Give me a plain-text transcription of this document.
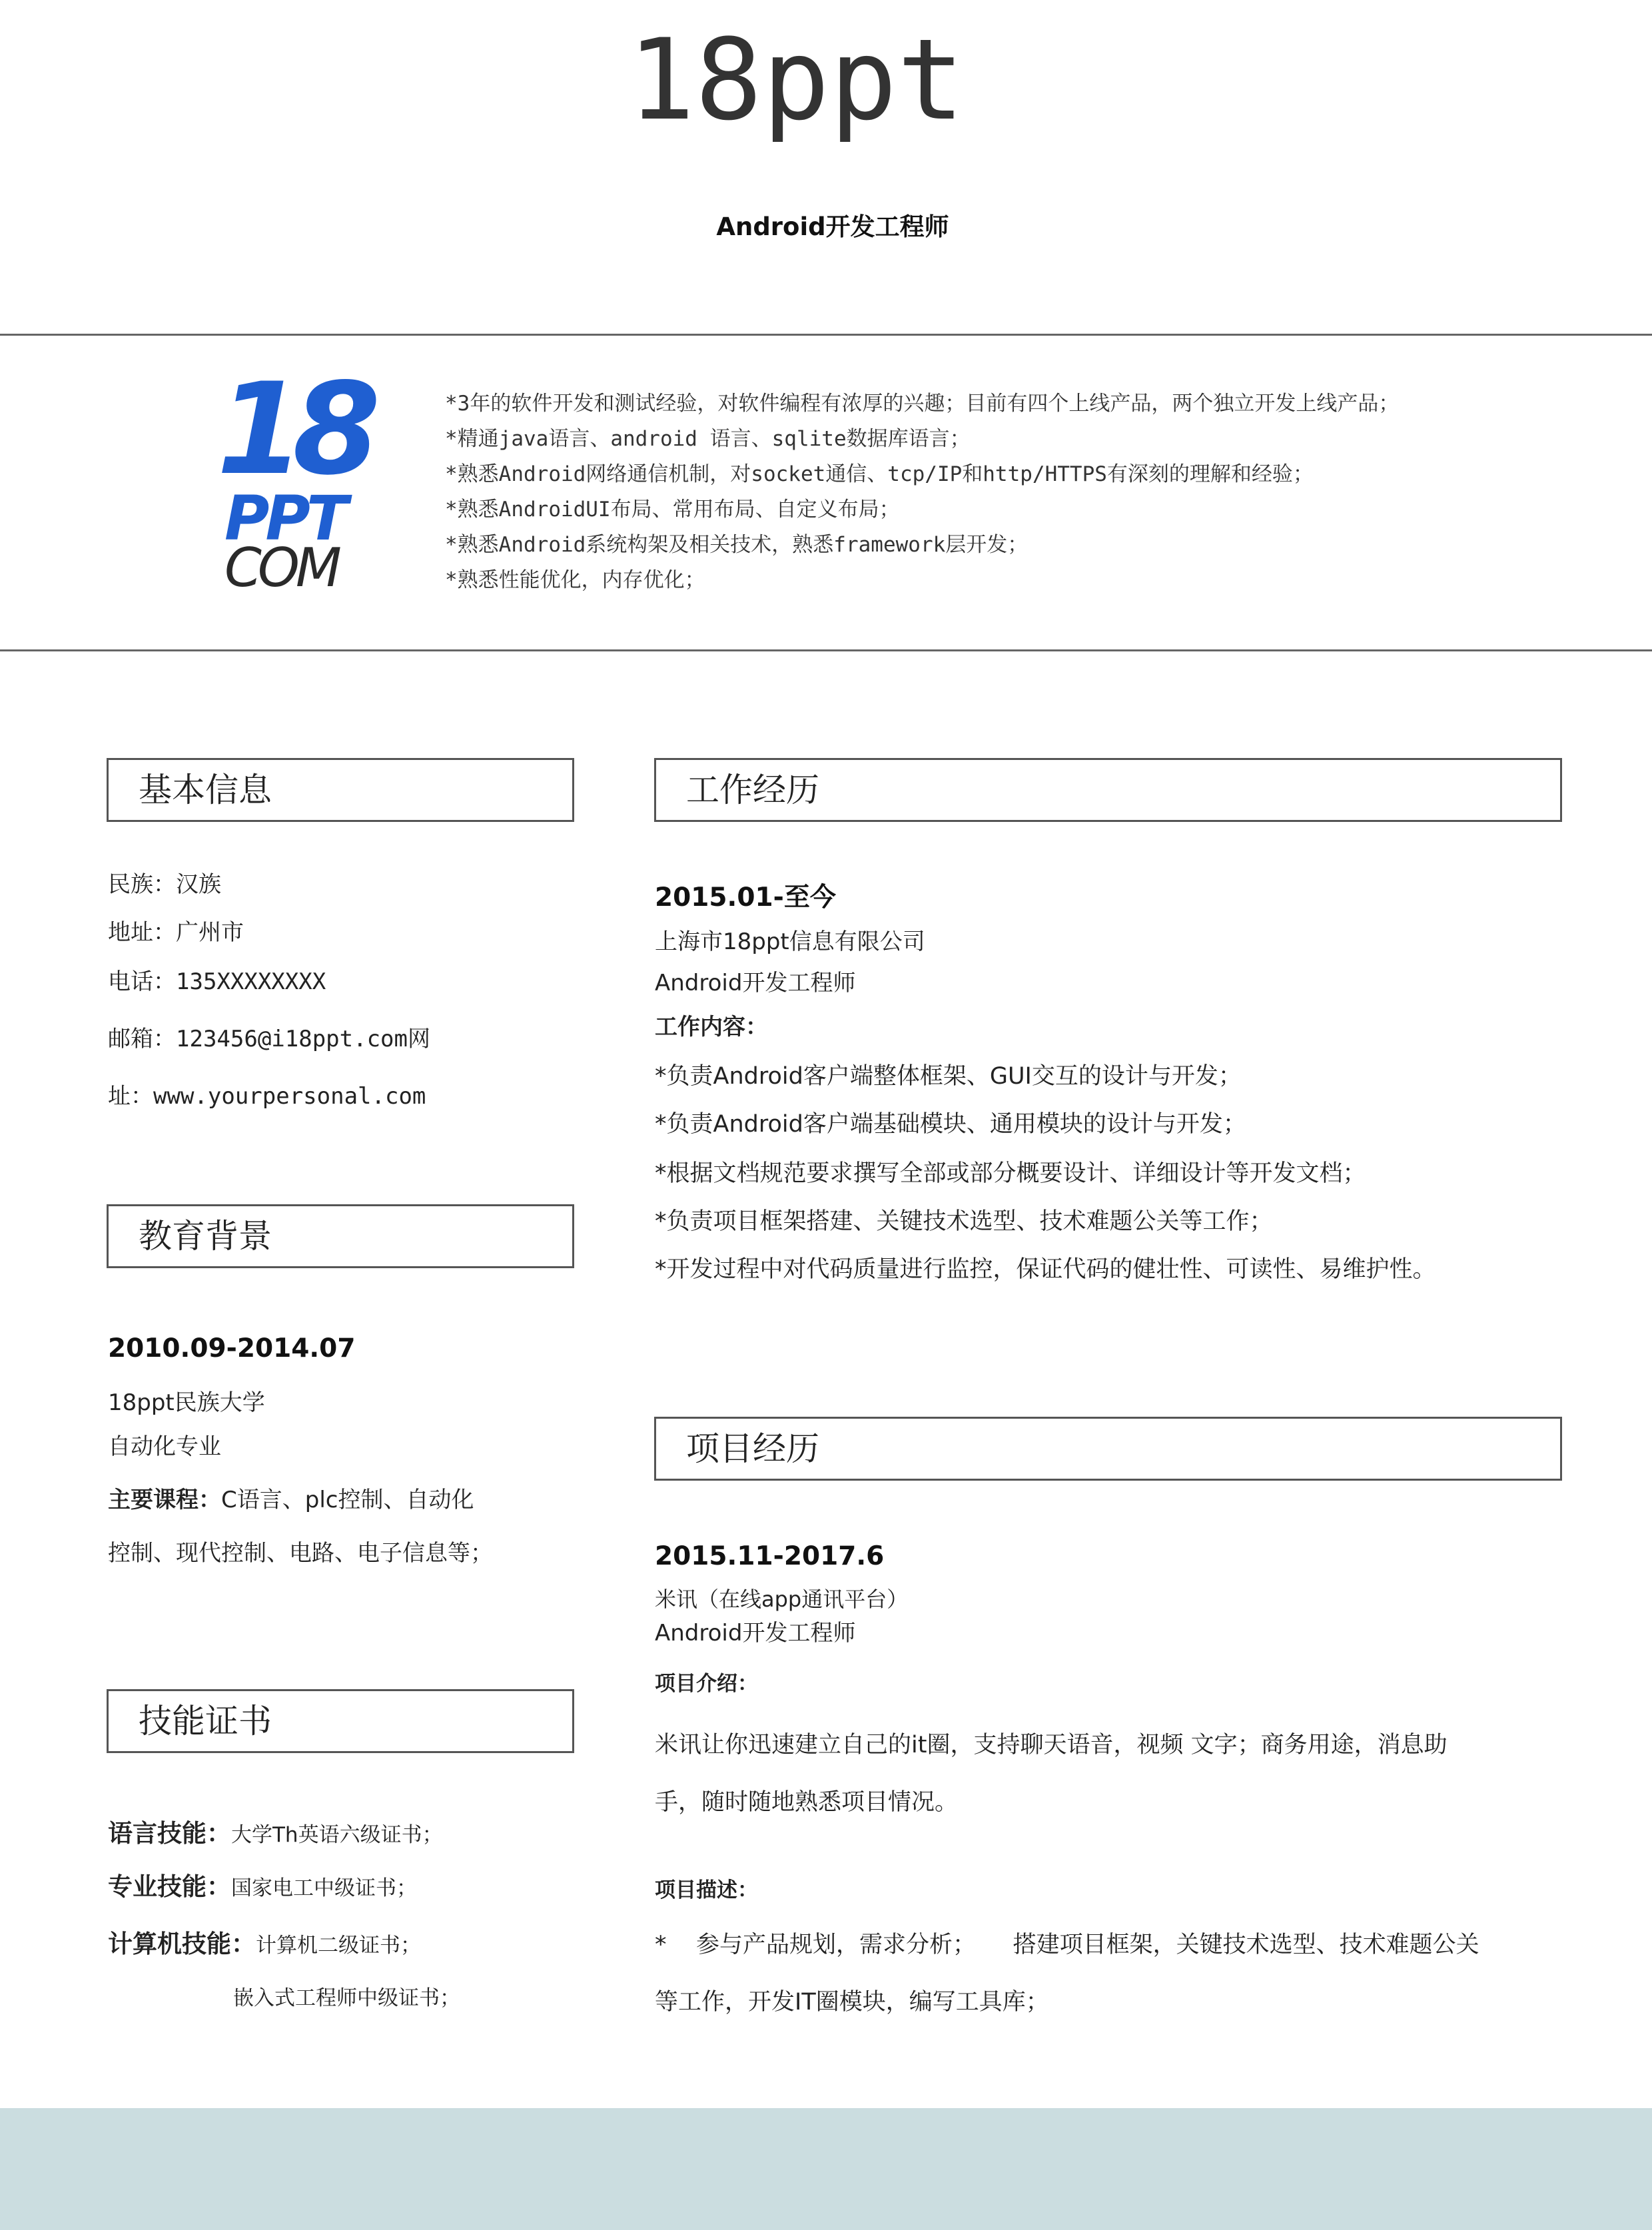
18ppt
Android开发工程师
18
PPT
COM
*3年的软件开发和测试经验，对软件编程有浓厚的兴趣；目前有四个上线产品，两个独立开发上线产品；
*精通java语言、android 语言、sqlite数据库语言；
*熟悉Android网络通信机制，对socket通信、tcp/IP和http/HTTPS有深刻的理解和经验；
*熟悉AndroidUI布局、常用布局、自定义布局；
*熟悉Android系统构架及相关技术，熟悉framework层开发；
*熟悉性能优化，内存优化；
基本信息
民族：汉族
地址：广州市
电话：135XXXXXXXX
邮箱：123456@i18ppt.com网
址：www.yourpersonal.com
教育背景
2010.09-2014.07
18ppt民族大学
自动化专业
主要课程：C语言、plc控制、自动化
控制、现代控制、电路、电子信息等；
技能证书
语言技能：大学Th英语六级证书；
专业技能：国家电工中级证书；
计算机技能：计算机二级证书；
嵌入式工程师中级证书；
工作经历
2015.01-至今
上海市18ppt信息有限公司
Android开发工程师
工作内容：
*负责Android客户端整体框架、GUI交互的设计与开发；
*负责Android客户端基础模块、通用模块的设计与开发；
*根据文档规范要求撰写全部或部分概要设计、详细设计等开发文档；
*负责项目框架搭建、关键技术选型、技术难题公关等工作；
*开发过程中对代码质量进行监控，保证代码的健壮性、可读性、易维护性。
项目经历
2015.11-2017.6
米讯（在线app通讯平台）
Android开发工程师
项目介绍：
米讯让你迅速建立自己的it圈，支持聊天语音，视频 文字；商务用途，消息助
手，随时随地熟悉项目情况。
项目描述：
*    参与产品规划，需求分析；     搭建项目框架，关键技术选型、技术难题公关
等工作，开发IT圈模块，编写工具库；
